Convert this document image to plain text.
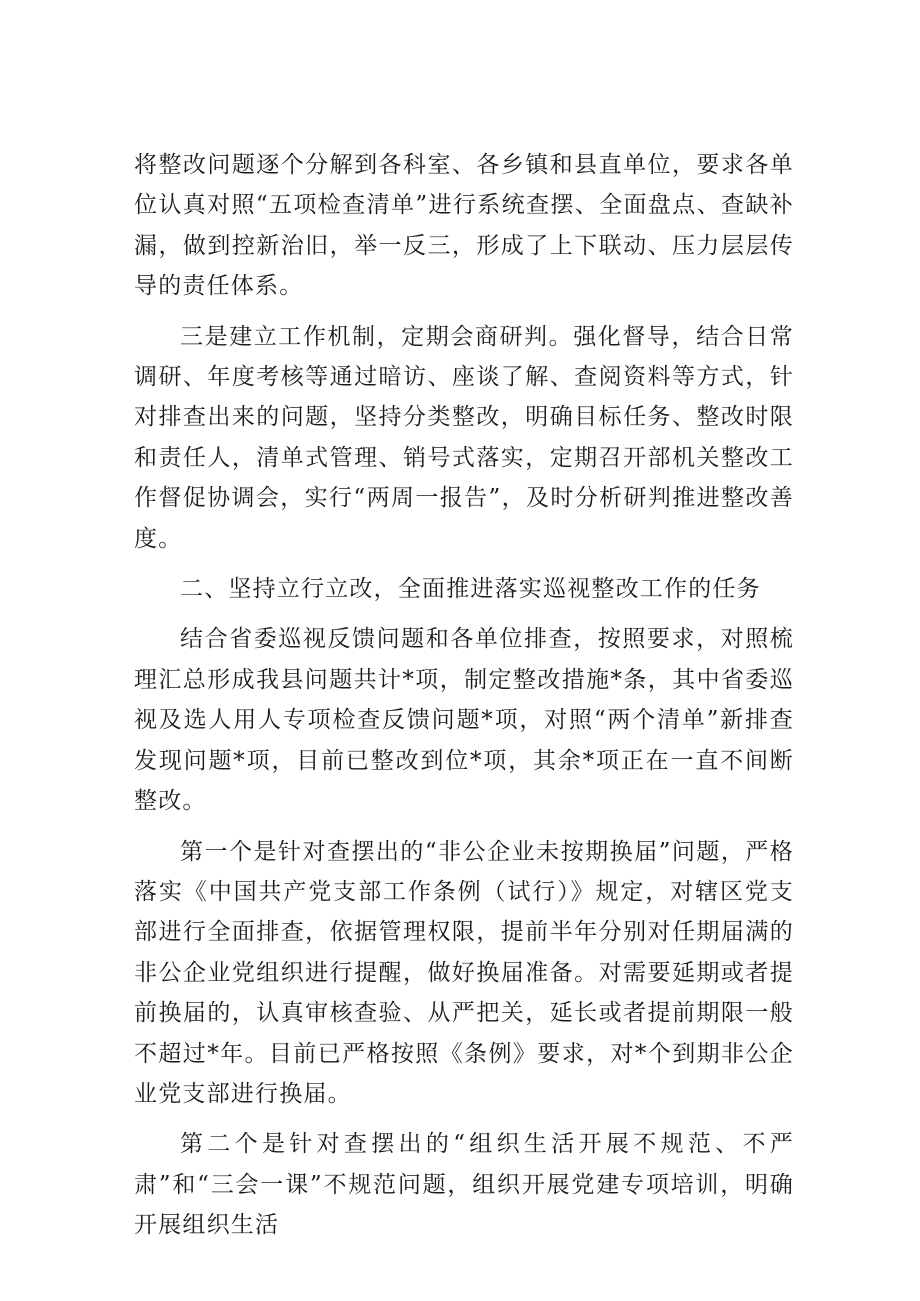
将整改问题逐个分解到各科室、各乡镇和县直单位，要求各单位认真对照“五项检查清单”进行系统查摆、全面盘点、查缺补漏，做到控新治旧，举一反三，形成了上下联动、压力层层传导的责任体系。

三是建立工作机制，定期会商研判。强化督导，结合日常调研、年度考核等通过暗访、座谈了解、查阅资料等方式，针对排查出来的问题，坚持分类整改，明确目标任务、整改时限和责任人，清单式管理、销号式落实，定期召开部机关整改工作督促协调会，实行“两周一报告”，及时分析研判推进整改善度。

二、坚持立行立改，全面推进落实巡视整改工作的任务

结合省委巡视反馈问题和各单位排查，按照要求，对照梳理汇总形成我县问题共计*项，制定整改措施*条，其中省委巡视及选人用人专项检查反馈问题*项，对照“两个清单”新排查发现问题*项，目前已整改到位*项，其余*项正在一直不间断整改。

第一个是针对查摆出的“非公企业未按期换届”问题，严格落实《中国共产党支部工作条例（试行）》规定，对辖区党支部进行全面排查，依据管理权限，提前半年分别对任期届满的非公企业党组织进行提醒，做好换届准备。对需要延期或者提前换届的，认真审核查验、从严把关，延长或者提前期限一般不超过*年。目前已严格按照《条例》要求，对*个到期非公企业党支部进行换届。

第二个是针对查摆出的“组织生活开展不规范、不严肃”和“三会一课”不规范问题，组织开展党建专项培训，明确开展组织生活
